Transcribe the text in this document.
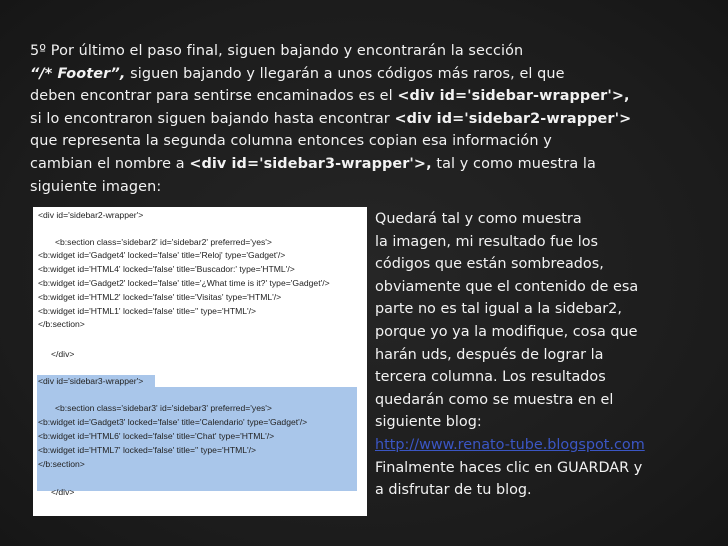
5º Por último el paso final, siguen bajando y encontrarán la sección
“/* Footer”, siguen bajando y llegarán a unos códigos más raros, el que
deben encontrar para sentirse encaminados es el <div id='sidebar-wrapper'>,
si lo encontraron siguen bajando hasta encontrar <div id='sidebar2-wrapper'>
que representa la segunda columna entonces copian esa información y
cambian el nombre a <div id='sidebar3-wrapper'>, tal y como muestra la
siguiente imagen:
<div id='sidebar2-wrapper'>
<b:section class='sidebar2' id='sidebar2' preferred='yes'>
<b:widget id='Gadget4' locked='false' title='Reloj' type='Gadget'/>
<b:widget id='HTML4' locked='false' title='Buscador:' type='HTML'/>
<b:widget id='Gadget2' locked='false' title='¿What time is it?' type='Gadget'/>
<b:widget id='HTML2' locked='false' title='Visitas' type='HTML'/>
<b:widget id='HTML1' locked='false' title='' type='HTML'/>
</b:section>
</div>
<div id='sidebar3-wrapper'>
<b:section class='sidebar3' id='sidebar3' preferred='yes'>
<b:widget id='Gadget3' locked='false' title='Calendario' type='Gadget'/>
<b:widget id='HTML6' locked='false' title='Chat' type='HTML'/>
<b:widget id='HTML7' locked='false' title='' type='HTML'/>
</b:section>
</div>
Quedará tal y como muestra
la imagen, mi resultado fue los
códigos que están sombreados,
obviamente que el contenido de esa
parte no es tal igual a la sidebar2,
porque yo ya la modifique, cosa que
harán uds, después de lograr la
tercera columna. Los resultados
quedarán como se muestra en el
siguiente blog:
http://www.renato-tube.blogspot.com
Finalmente haces clic en GUARDAR y
a disfrutar de tu blog.
